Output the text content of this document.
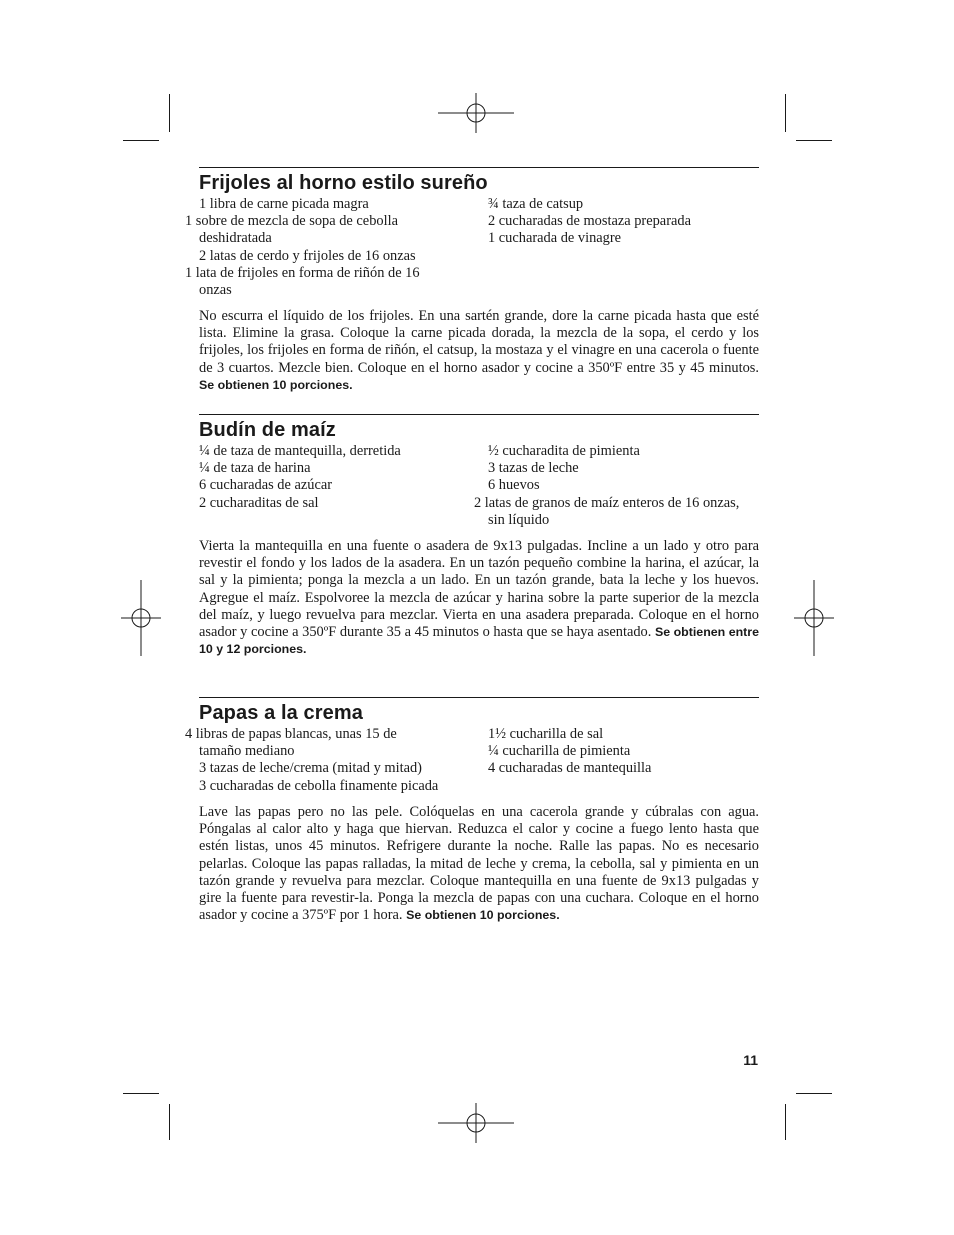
Frijoles al horno estilo sureño
1 libra de carne picada magra
1 sobre de mezcla de sopa de cebolla deshidratada
2 latas de cerdo y frijoles de 16 onzas
1 lata de frijoles en forma de riñón de 16 onzas
¾ taza de catsup
2 cucharadas de mostaza preparada
1 cucharada de vinagre
No escurra el líquido de los frijoles. En una sartén grande, dore la carne picada hasta que esté lista. Elimine la grasa. Coloque la carne picada dorada, la mezcla de la sopa, el cerdo y los frijoles, los frijoles en forma de riñón, el catsup, la mostaza y el vinagre en una cacerola o fuente de 3 cuartos. Mezcle bien. Coloque en el horno asador y cocine a 350ºF entre 35 y 45 minutos. Se obtienen 10 porciones.
Budín de maíz
¼ de taza de mantequilla, derretida
¼ de taza de harina
6 cucharadas de azúcar
2 cucharaditas de sal
½ cucharadita de pimienta
3 tazas de leche
6 huevos
2 latas de granos de maíz enteros de 16 onzas, sin líquido
Vierta la mantequilla en una fuente o asadera de 9x13 pulgadas. Incline a un lado y otro para revestir el fondo y los lados de la asadera. En un tazón pequeño combine la harina, el azúcar, la sal y la pimienta; ponga la mezcla a un lado. En un tazón grande, bata la leche y los huevos. Agregue el maíz. Espolvoree la mezcla de azúcar y harina sobre la parte superior de la mezcla del maíz, y luego revuelva para mezclar. Vierta en una asadera preparada. Coloque en el horno asador y cocine a 350ºF durante 35 a 45 minutos o hasta que se haya asentado. Se obtienen entre 10 y 12 porciones.
Papas a la crema
4 libras de papas blancas, unas 15 de tamaño mediano
3 tazas de leche/crema (mitad y mitad)
3 cucharadas de cebolla finamente picada
1½ cucharilla de sal
¼ cucharilla de pimienta
4 cucharadas de mantequilla
Lave las papas pero no las pele. Colóquelas en una cacerola grande y cúbralas con agua. Póngalas al calor alto y haga que hiervan. Reduzca el calor y cocine a fuego lento hasta que estén listas, unos 45 minutos. Refrigere durante la noche. Ralle las papas. No es necesario pelarlas. Coloque las papas ralladas, la mitad de leche y crema, la cebolla, sal y pimienta en un tazón grande y revuelva para mezclar. Coloque mantequilla en una fuente de 9x13 pulgadas y gire la fuente para revestir-la. Ponga la mezcla de papas con una cuchara. Coloque en el horno asador y cocine a 375ºF por 1 hora. Se obtienen 10 porciones.
11
